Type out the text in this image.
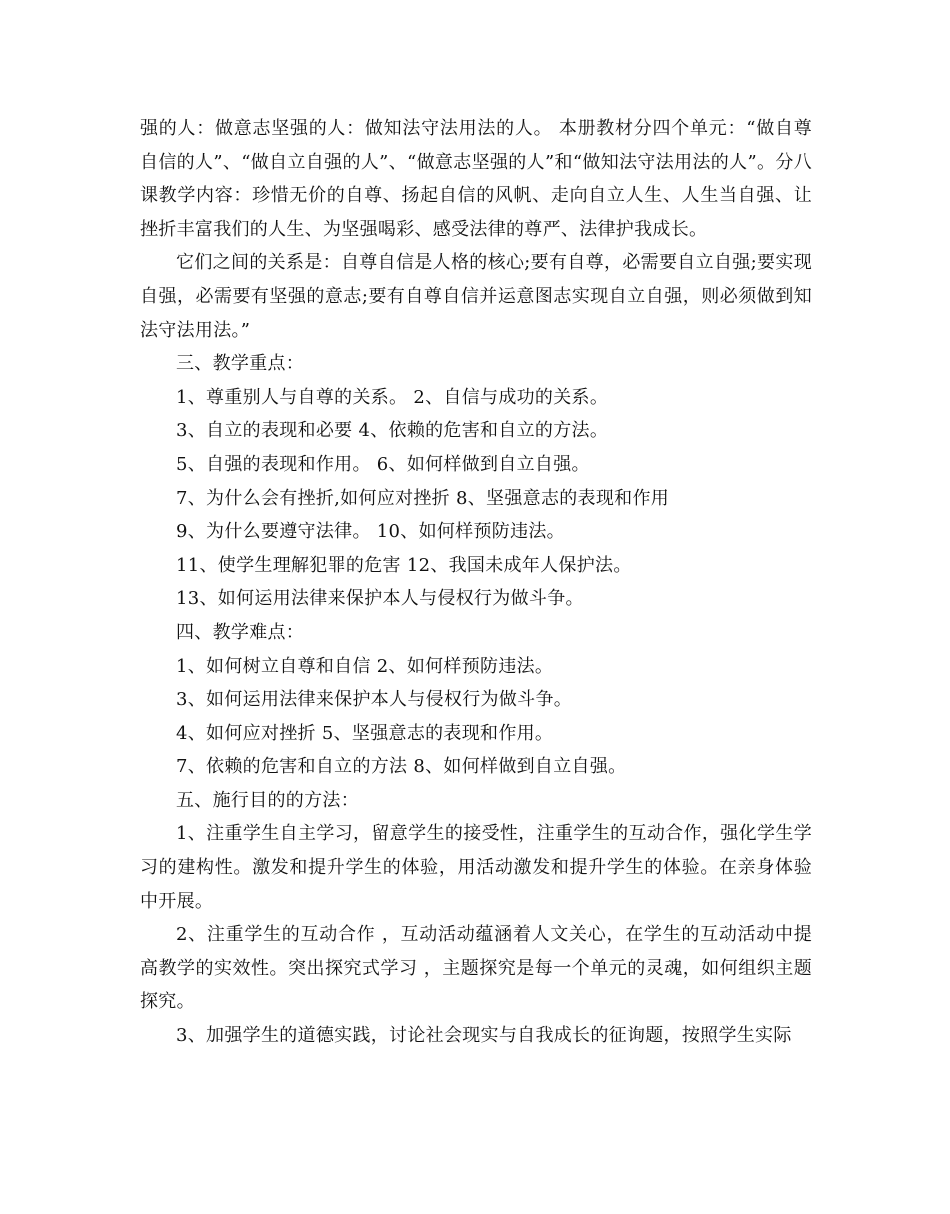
强的人：做意志坚强的人：做知法守法用法的人。 本册教材分四个单元：“做自尊自信的人”、“做自立自强的人”、“做意志坚强的人”和“做知法守法用法的人”。分八课教学内容：珍惜无价的自尊、扬起自信的风帆、走向自立人生、人生当自强、让挫折丰富我们的人生、为坚强喝彩、感受法律的尊严、法律护我成长。

它们之间的关系是：自尊自信是人格的核心;要有自尊，必需要自立自强;要实现自强，必需要有坚强的意志;要有自尊自信并运意图志实现自立自强，则必须做到知法守法用法。”

三、教学重点：

1、尊重别人与自尊的关系。 2、自信与成功的关系。

3、自立的表现和必要 4、依赖的危害和自立的方法。

5、自强的表现和作用。 6、如何样做到自立自强。

7、为什么会有挫折,如何应对挫折 8、坚强意志的表现和作用

9、为什么要遵守法律。 10、如何样预防违法。

11、使学生理解犯罪的危害 12、我国未成年人保护法。

13、如何运用法律来保护本人与侵权行为做斗争。

四、教学难点：

1、如何树立自尊和自信 2、如何样预防违法。

3、如何运用法律来保护本人与侵权行为做斗争。

4、如何应对挫折 5、坚强意志的表现和作用。

7、依赖的危害和自立的方法 8、如何样做到自立自强。

五、施行目的的方法：

1、注重学生自主学习，留意学生的接受性，注重学生的互动合作，强化学生学习的建构性。激发和提升学生的体验，用活动激发和提升学生的体验。在亲身体验中开展。

2、注重学生的互动合作 ，互动活动蕴涵着人文关心，在学生的互动活动中提高教学的实效性。突出探究式学习 ，主题探究是每一个单元的灵魂，如何组织主题探究。

3、加强学生的道德实践，讨论社会现实与自我成长的征询题，按照学生实际
